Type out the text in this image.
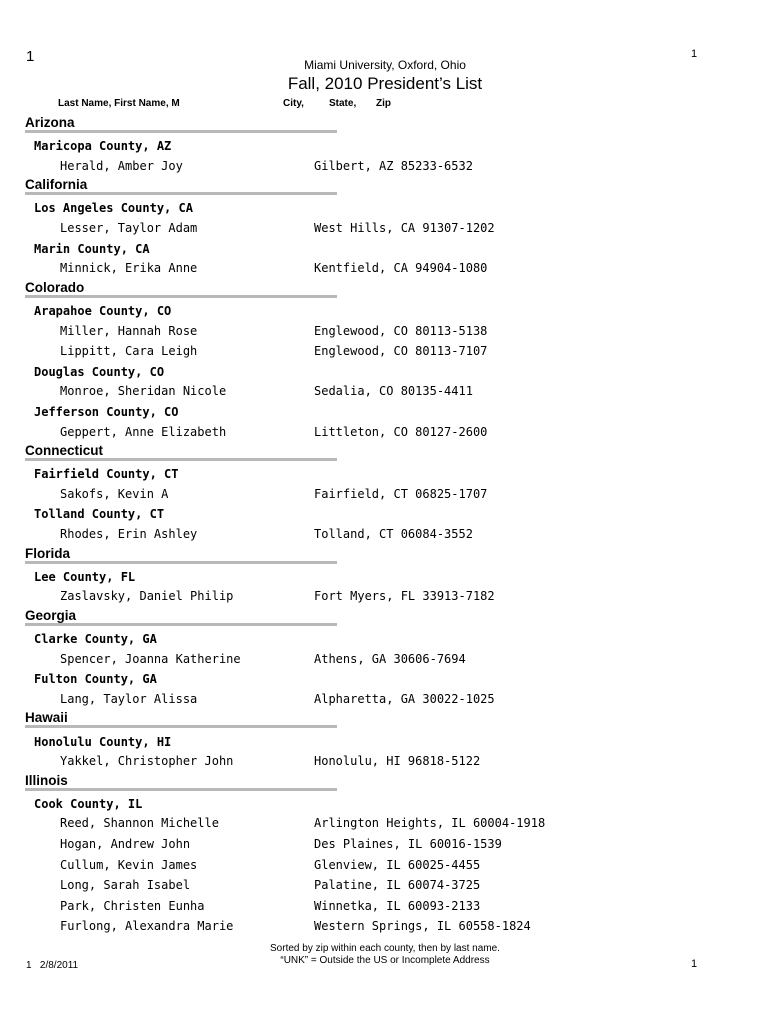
1	1
Miami University, Oxford, Ohio
Fall, 2010 President’s List
Last Name, First Name, M	City,	State, Zip
Arizona
Maricopa County, AZ
Herald, Amber Joy	Gilbert, AZ 85233-6532
California
Los Angeles County, CA
Lesser, Taylor Adam	West Hills, CA 91307-1202
Marin County, CA
Minnick, Erika Anne	Kentfield, CA 94904-1080
Colorado
Arapahoe County, CO
Miller, Hannah Rose	Englewood, CO 80113-5138
Lippitt, Cara Leigh	Englewood, CO 80113-7107
Douglas County, CO
Monroe, Sheridan Nicole	Sedalia, CO 80135-4411
Jefferson County, CO
Geppert, Anne Elizabeth	Littleton, CO 80127-2600
Connecticut
Fairfield County, CT
Sakofs, Kevin A	Fairfield, CT 06825-1707
Tolland County, CT
Rhodes, Erin Ashley	Tolland, CT 06084-3552
Florida
Lee County, FL
Zaslavsky, Daniel Philip	Fort Myers, FL 33913-7182
Georgia
Clarke County, GA
Spencer, Joanna Katherine	Athens, GA 30606-7694
Fulton County, GA
Lang, Taylor Alissa	Alpharetta, GA 30022-1025
Hawaii
Honolulu County, HI
Yakkel, Christopher John	Honolulu, HI 96818-5122
Illinois
Cook County, IL
Reed, Shannon Michelle	Arlington Heights, IL 60004-1918
Hogan, Andrew John	Des Plaines, IL 60016-1539
Cullum, Kevin James	Glenview, IL 60025-4455
Long, Sarah Isabel	Palatine, IL 60074-3725
Park, Christen Eunha	Winnetka, IL 60093-2133
Furlong, Alexandra Marie	Western Springs, IL 60558-1824
1 2/8/2011
Sorted by zip within each county, then by last name.
“UNK” = Outside the US or Incomplete Address	1
